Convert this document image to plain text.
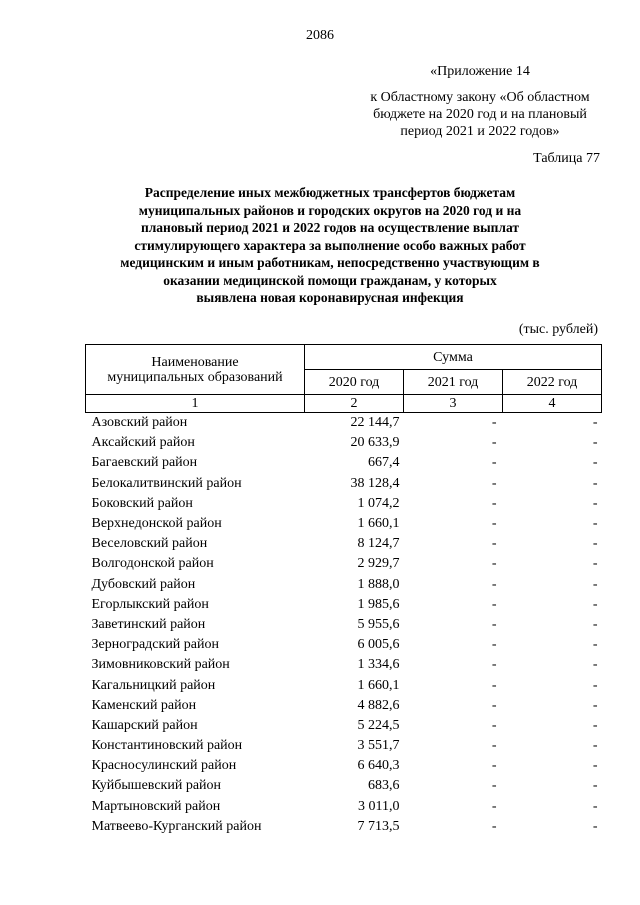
2086
«Приложение 14
к Областному закону «Об областном
бюджете на 2020 год и на плановый
период 2021 и 2022 годов»
Таблица 77
Распределение иных межбюджетных трансфертов бюджетам
муниципальных районов и городских округов на 2020 год и на
плановый период 2021 и 2022 годов на осуществление выплат
стимулирующего характера за выполнение особо важных работ
медицинским и иным работникам, непосредственно участвующим в
оказании медицинской помощи гражданам, у которых
выявлена новая коронавирусная инфекция
(тыс. рублей)
Наименование
муниципальных образований	Сумма		
	2020 год	2021 год	2022 год
1	2	3	4
Азовский район	22 144,7	-	-
Аксайский район	20 633,9	-	-
Багаевский район	667,4	-	-
Белокалитвинский район	38 128,4	-	-
Боковский район	1 074,2	-	-
Верхнедонской район	1 660,1	-	-
Веселовский район	8 124,7	-	-
Волгодонской район	2 929,7	-	-
Дубовский район	1 888,0	-	-
Егорлыкский район	1 985,6	-	-
Заветинский район	5 955,6	-	-
Зерноградский район	6 005,6	-	-
Зимовниковский район	1 334,6	-	-
Кагальницкий район	1 660,1	-	-
Каменский район	4 882,6	-	-
Кашарский район	5 224,5	-	-
Константиновский район	3 551,7	-	-
Красносулинский район	6 640,3	-	-
Куйбышевский район	683,6	-	-
Мартыновский район	3 011,0	-	-
Матвеево-Курганский район	7 713,5	-	-
